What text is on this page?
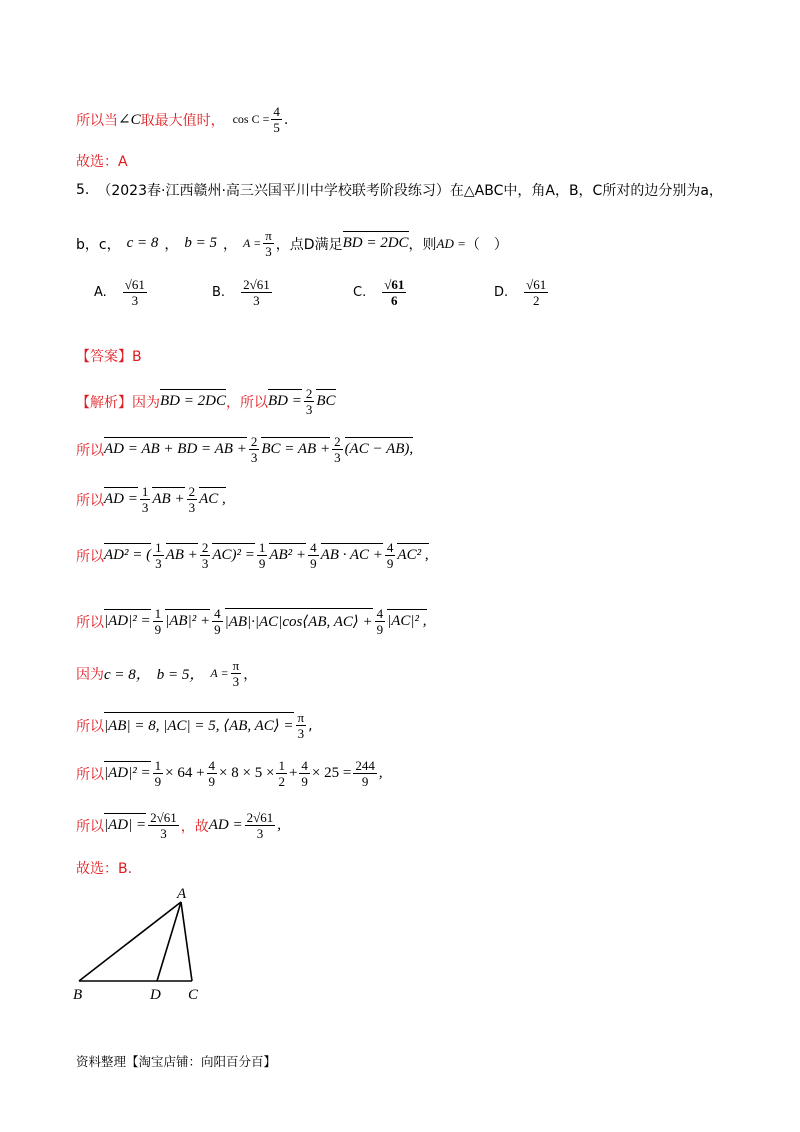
所以当 ∠C 取最大值时， $\cos C = \frac{4}{5}$ .
故选：A
5. （2023春·江西赣州·高三兴国平川中学校联考阶段练习） 在△ABC中，角A，B，C所对的边分别为a，
b，c， c = 8 ， b = 5 ， $A = \frac{\pi}{3}$ ，点D满足 BD = 2DC ，则 AD = （　）
A. $\frac{√61}{3}$	B. $\frac{2√61}{3}$	C. $\frac{√61}{6}$	D. $\frac{√61}{2}$
【答案】B
【解析】因为 BD = 2DC ，所以 BD = $\frac{2}{3}$ BC
所以 AD = AB + BD = AB + $\frac{2}{3}$ BC = AB + $\frac{2}{3} (AC - AB)$,
所以 AD = $\frac{1}{3}$ AB + $\frac{2}{3}$ AC ,
所以 AD² = ( $\frac{1}{3}$ AB + $\frac{2}{3} AC)^2 = \frac{1}{9} AB^2 + \frac{4}{9}$ AB · AC + $\frac{4}{9} AC^2$ ,
所以 $|AD|^2 = \frac{1}{9} |AB|^2 + \frac{4}{9}$ |AB|·|AC|cos⟨AB, AC⟩ + $\frac{4}{9} |AC|^2$ ,
因为 c = 8， b = 5， $A = \frac{\pi}{3}$ ，
所以 |AB| = 8, |AC| = 5, ⟨AB, AC⟩ = $\frac{\pi}{3}$ ,
所以 $|AD|^2 = \frac{1}{9} \times 64 + \frac{4}{9} \times 8 \times 5 \times \frac{1}{2} + \frac{4}{9} \times 25 = \frac{244}{9}$ ,
所以 $|AD| = \frac{2√61}{3}$ ，故 AD = $\frac{2√61}{3}$ ,
故选：B.
A
B	D C
资料整理【淘宝店铺：向阳百分百】
